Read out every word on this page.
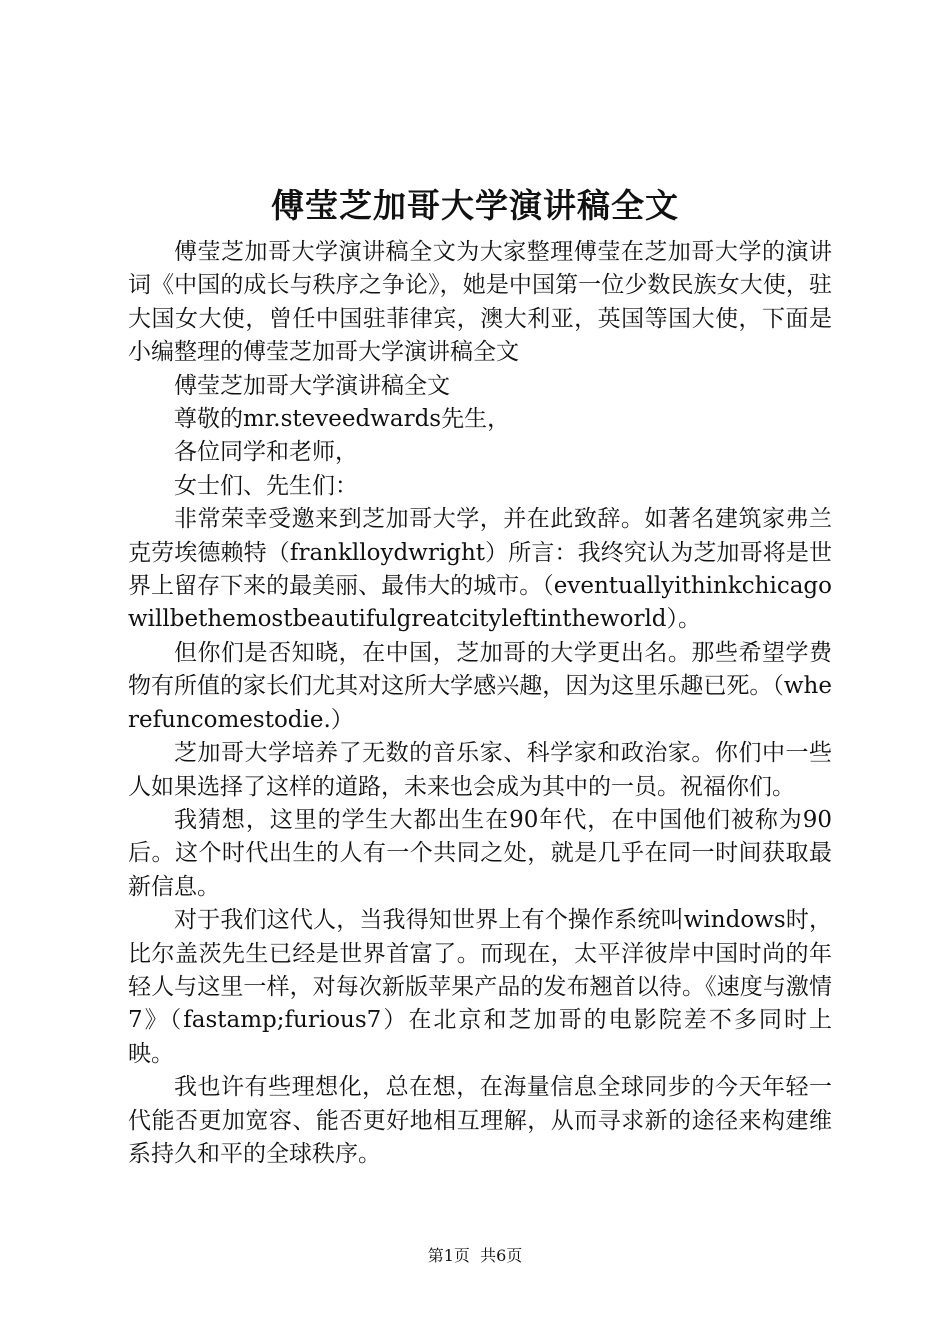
傅莹芝加哥大学演讲稿全文

傅莹芝加哥大学演讲稿全文为大家整理傅莹在芝加哥大学的演讲词《中国的成长与秩序之争论》，她是中国第一位少数民族女大使，驻大国女大使，曾任中国驻菲律宾，澳大利亚，英国等国大使，下面是小编整理的傅莹芝加哥大学演讲稿全文

傅莹芝加哥大学演讲稿全文

尊敬的mr.steveedwards先生，

各位同学和老师，

女士们、先生们：

非常荣幸受邀来到芝加哥大学，并在此致辞。如著名建筑家弗兰克劳埃德赖特（franklloydwright）所言：我终究认为芝加哥将是世界上留存下来的最美丽、最伟大的城市。（eventuallyithinkchicagowillbethemostbeautifulgreatcityleftintheworld）。

但你们是否知晓，在中国，芝加哥的大学更出名。那些希望学费物有所值的家长们尤其对这所大学感兴趣，因为这里乐趣已死。（wherefuncomestodie.）

芝加哥大学培养了无数的音乐家、科学家和政治家。你们中一些人如果选择了这样的道路，未来也会成为其中的一员。祝福你们。

我猜想，这里的学生大都出生在90年代，在中国他们被称为90后。这个时代出生的人有一个共同之处，就是几乎在同一时间获取最新信息。

对于我们这代人，当我得知世界上有个操作系统叫windows时，比尔盖茨先生已经是世界首富了。而现在，太平洋彼岸中国时尚的年轻人与这里一样，对每次新版苹果产品的发布翘首以待。《速度与激情7》（fastamp;furious7）在北京和芝加哥的电影院差不多同时上映。

我也许有些理想化，总在想，在海量信息全球同步的今天年轻一代能否更加宽容、能否更好地相互理解，从而寻求新的途径来构建维系持久和平的全球秩序。

第1页 共6页
